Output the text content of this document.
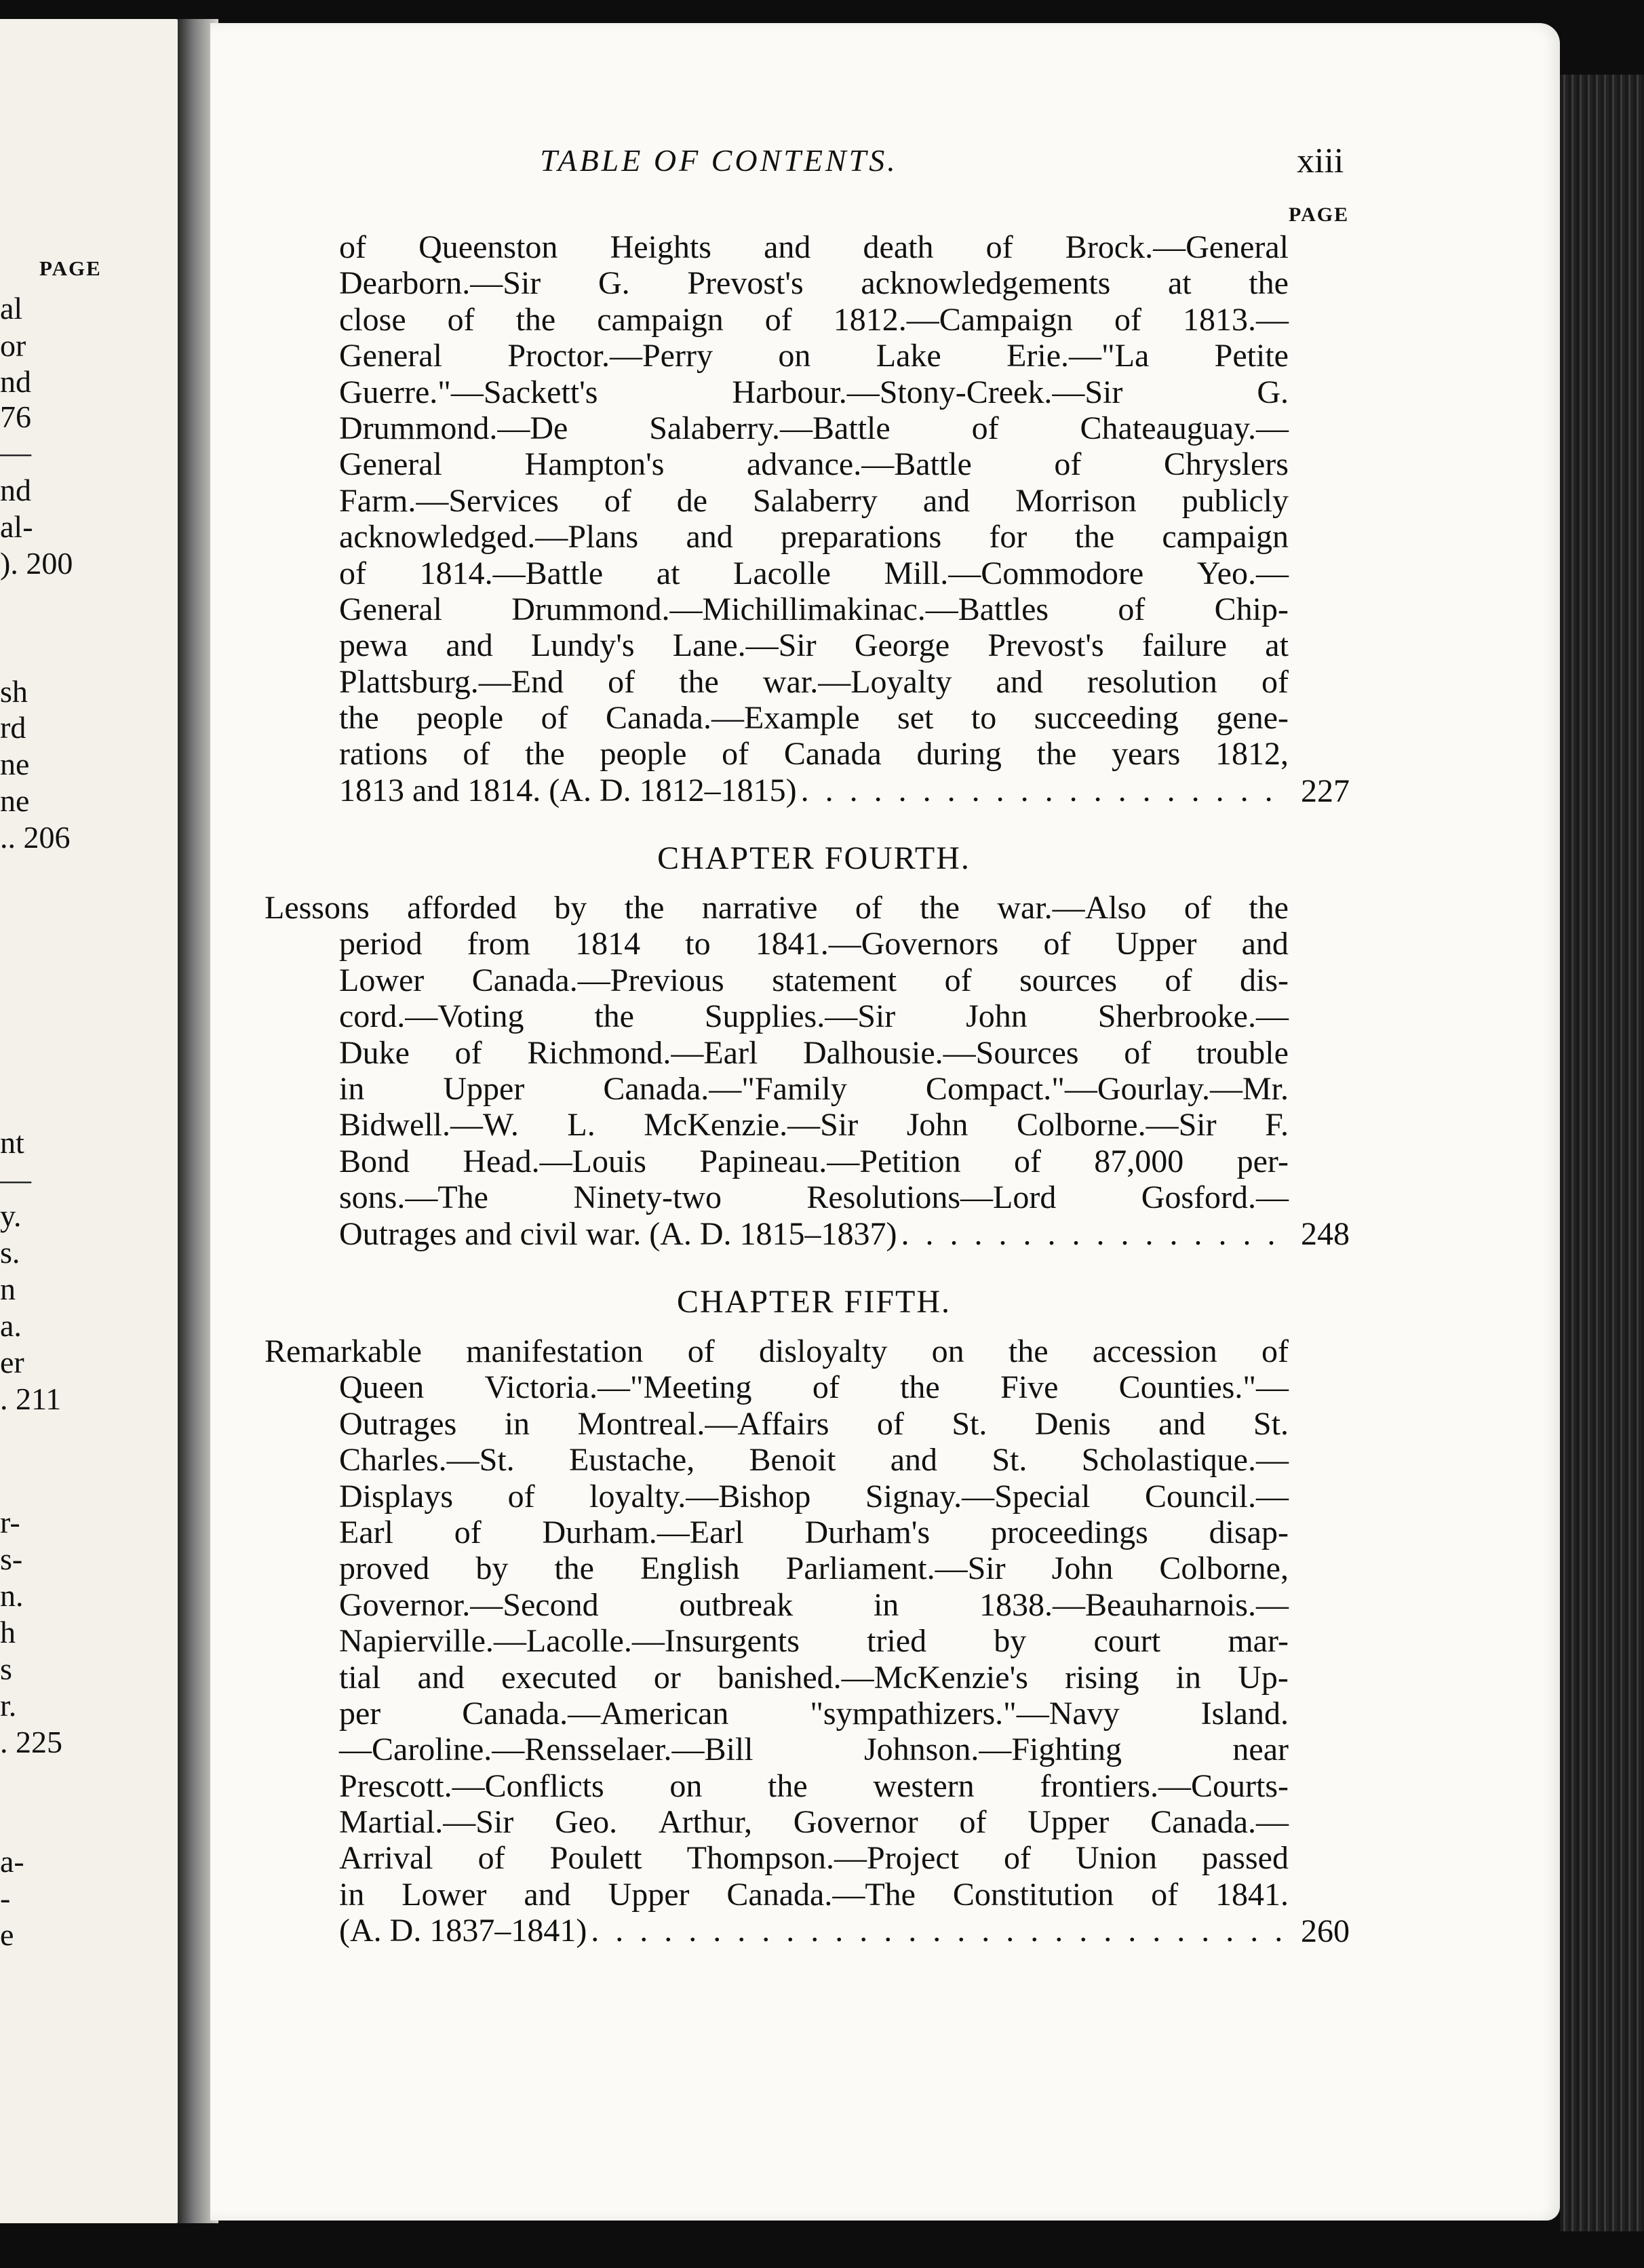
PAGE
al
or
nd
76
—
nd
al-
). 200
sh
rd
ne
ne
.. 206
nt
—
y.
s.
n
a.
er
. 211
r-
s-
n.
h
s
r.
. 225
a-
-
e
TABLE OF CONTENTS.	xiii
PAGE
of Queenston Heights and death of Brock.—General
Dearborn.—Sir G. Prevost's acknowledgements at the
close of the campaign of 1812.—Campaign of 1813.—
General Proctor.—Perry on Lake Erie.—"La Petite
Guerre."—Sackett's	Harbour.—Stony-Creek.—Sir	G.
Drummond.—De Salaberry.—Battle of Chateauguay.—
General	Hampton's	advance.—Battle	of	Chryslers
Farm.—Services of de Salaberry and Morrison publicly
acknowledged.—Plans and preparations for the campaign
of 1814.—Battle at Lacolle Mill.—Commodore Yeo.—
General Drummond.—Michillimakinac.—Battles of Chip-
pewa and Lundy's Lane.—Sir George Prevost's failure at
Plattsburg.—End of the war.—Loyalty and resolution of
the people of Canada.—Example set to succeeding gene-
rations of the people of Canada during the years 1812,
1813 and 1814. (A. D. 1812–1815) . . .	227
CHAPTER FOURTH.
Lessons afforded by the narrative of the war.—Also of the
period from 1814 to 1841.—Governors of Upper and
Lower Canada.—Previous statement of sources of dis-
cord.—Voting the Supplies.—Sir John Sherbrooke.—
Duke of Richmond.—Earl Dalhousie.—Sources of trouble
in Upper Canada.—"Family Compact."—Gourlay.—Mr.
Bidwell.—W. L. McKenzie.—Sir John Colborne.—Sir F.
Bond Head.—Louis Papineau.—Petition of 87,000 per-
sons.—The	Ninety-two	Resolutions—Lord	Gosford.—
Outrages and civil war. (A. D. 1815–1837) . . .	248
CHAPTER FIFTH.
Remarkable manifestation of disloyalty on the accession of
Queen Victoria.—"Meeting of the Five Counties."—
Outrages in Montreal.—Affairs of St. Denis and St.
Charles.—St. Eustache, Benoit and St. Scholastique.—
Displays of loyalty.—Bishop Signay.—Special Council.—
Earl of Durham.—Earl Durham's proceedings disap-
proved by the English Parliament.—Sir John Colborne,
Governor.—Second outbreak in 1838.—Beauharnois.—
Napierville.—Lacolle.—Insurgents tried by court mar-
tial and executed or banished.—McKenzie's rising in Up-
per Canada.—American "sympathizers."—Navy Island.
—Caroline.—Rensselaer.—Bill	Johnson.—Fighting	near
Prescott.—Conflicts on the western frontiers.—Courts-
Martial.—Sir Geo. Arthur, Governor of Upper Canada.—
Arrival of Poulett Thompson.—Project of Union passed
in Lower and Upper Canada.—The Constitution of 1841.
(A. D. 1837–1841) . . .	260
